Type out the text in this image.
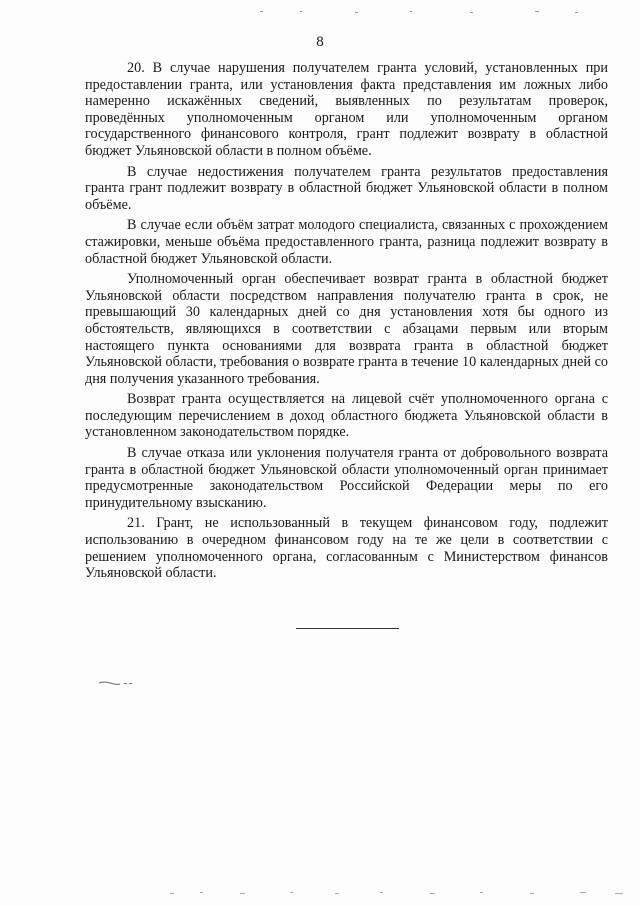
8

20. В случае нарушения получателем гранта условий, установленных при предоставлении гранта, или установления факта представления им ложных либо намеренно искажённых сведений, выявленных по результатам проверок, проведённых уполномоченным органом или уполномоченным органом государственного финансового контроля, грант подлежит возврату в областной бюджет Ульяновской области в полном объёме.

В случае недостижения получателем гранта результатов предоставления гранта грант подлежит возврату в областной бюджет Ульяновской области в полном объёме.

В случае если объём затрат молодого специалиста, связанных с прохождением стажировки, меньше объёма предоставленного гранта, разница подлежит возврату в областной бюджет Ульяновской области.

Уполномоченный орган обеспечивает возврат гранта в областной бюджет Ульяновской области посредством направления получателю гранта в срок, не превышающий 30 календарных дней со дня установления хотя бы одного из обстоятельств, являющихся в соответствии с абзацами первым или вторым настоящего пункта основаниями для возврата гранта в областной бюджет Ульяновской области, требования о возврате гранта в течение 10 календарных дней со дня получения указанного требования.

Возврат гранта осуществляется на лицевой счёт уполномоченного органа с последующим перечислением в доход областного бюджета Ульяновской области в установленном законодательством порядке.

В случае отказа или уклонения получателя гранта от добровольного возврата гранта в областной бюджет Ульяновской области уполномоченный орган принимает предусмотренные законодательством Российской Федерации меры по его принудительному взысканию.

21. Грант, не использованный в текущем финансовом году, подлежит использованию в очередном финансовом году на те же цели в соответствии с решением уполномоченного органа, согласованным с Министерством финансов Ульяновской области.
